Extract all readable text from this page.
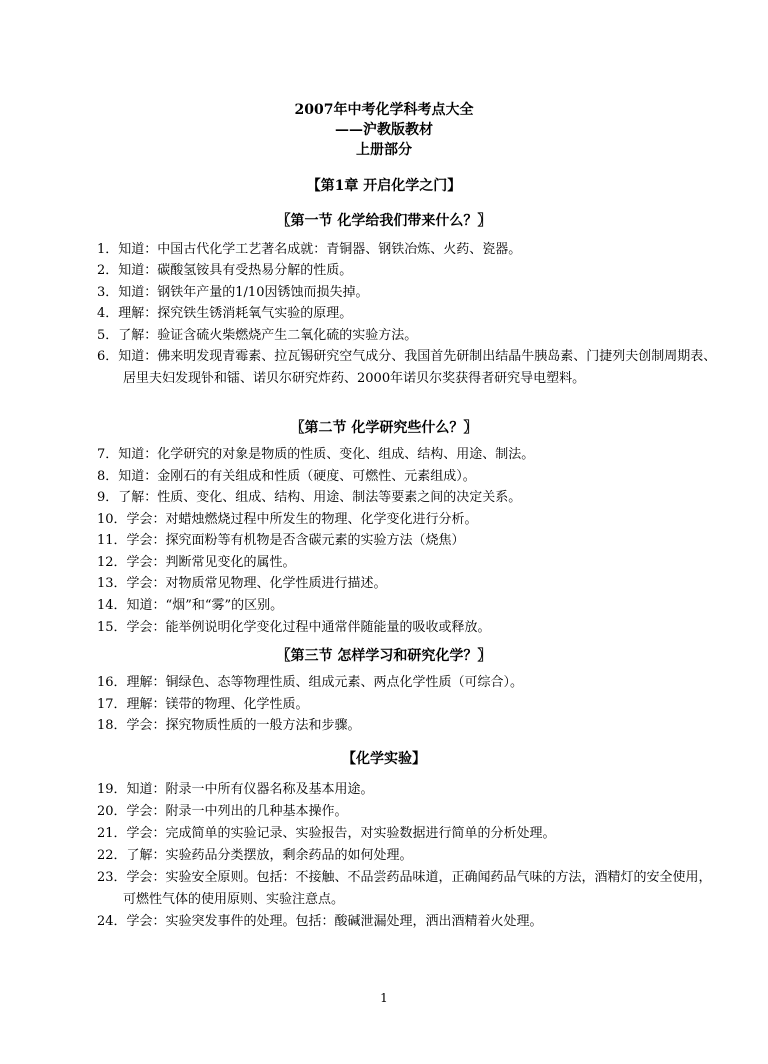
2007年中考化学科考点大全
——沪教版教材
上册部分
【第1章 开启化学之门】
〖第一节 化学给我们带来什么？〗
1．知道：中国古代化学工艺著名成就：青铜器、钢铁冶炼、火药、瓷器。
2．知道：碳酸氢铵具有受热易分解的性质。
3．知道：钢铁年产量的1/10因锈蚀而损失掉。
4．理解：探究铁生锈消耗氧气实验的原理。
5．了解：验证含硫火柴燃烧产生二氧化硫的实验方法。
6．知道：佛来明发现青霉素、拉瓦锡研究空气成分、我国首先研制出结晶牛胰岛素、门捷列夫创制周期表、居里夫妇发现钋和镭、诺贝尔研究炸药、2000年诺贝尔奖获得者研究导电塑料。
〖第二节 化学研究些什么？〗
7．知道：化学研究的对象是物质的性质、变化、组成、结构、用途、制法。
8．知道：金刚石的有关组成和性质（硬度、可燃性、元素组成）。
9．了解：性质、变化、组成、结构、用途、制法等要素之间的决定关系。
10．学会：对蜡烛燃烧过程中所发生的物理、化学变化进行分析。
11．学会：探究面粉等有机物是否含碳元素的实验方法（烧焦）
12．学会：判断常见变化的属性。
13．学会：对物质常见物理、化学性质进行描述。
14．知道：“烟”和“雾”的区别。
15．学会：能举例说明化学变化过程中通常伴随能量的吸收或释放。
〖第三节 怎样学习和研究化学？〗
16．理解：铜绿色、态等物理性质、组成元素、两点化学性质（可综合）。
17．理解：镁带的物理、化学性质。
18．学会：探究物质性质的一般方法和步骤。
【化学实验】
19．知道：附录一中所有仪器名称及基本用途。
20．学会：附录一中列出的几种基本操作。
21．学会：完成简单的实验记录、实验报告，对实验数据进行简单的分析处理。
22．了解：实验药品分类摆放，剩余药品的如何处理。
23．学会：实验安全原则。包括：不接触、不品尝药品味道，正确闻药品气味的方法，酒精灯的安全使用，可燃性气体的使用原则、实验注意点。
24．学会：实验突发事件的处理。包括：酸碱泄漏处理，洒出酒精着火处理。
1
